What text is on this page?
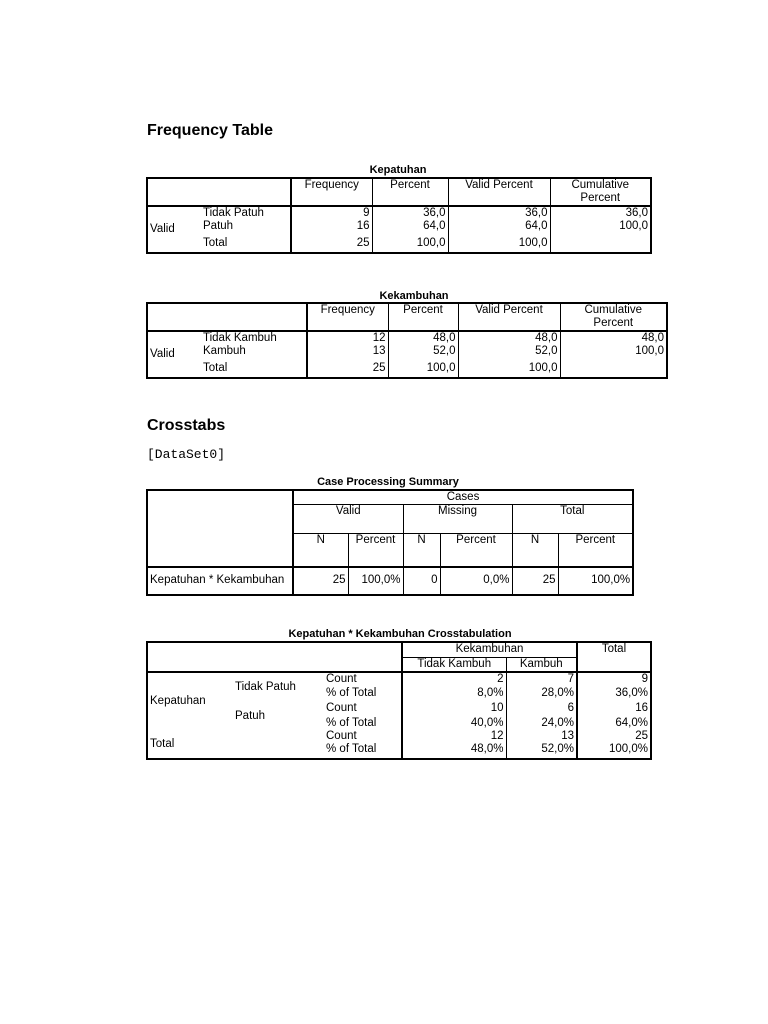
Frequency Table
Kepatuhan
		Frequency	Percent	Valid Percent	Cumulative
Percent
Valid	Tidak Patuh	9	36,0	36,0	36,0
	Patuh	16	64,0	64,0	100,0
	Total	25	100,0	100,0	
Kekambuhan
		Frequency	Percent	Valid Percent	Cumulative
Percent
Valid	Tidak Kambuh	12	48,0	48,0	48,0
	Kambuh	13	52,0	52,0	100,0
	Total	25	100,0	100,0	
Crosstabs
[DataSet0]
Case Processing Summary
	Cases					
	Valid		Missing		Total	
	N	Percent	N	Percent	N	Percent
Kepatuhan * Kekambuhan	25	100,0%	0	0,0%	25	100,0%
Kepatuhan * Kekambuhan Crosstabulation
			Kekambuhan		Total
			Tidak Kambuh	Kambuh	
Kepatuhan	Tidak Patuh	Count	2	7	9
		% of Total	8,0%	28,0%	36,0%
	Patuh	Count	10	6	16
		% of Total	40,0%	24,0%	64,0%
Total		Count	12	13	25
		% of Total	48,0%	52,0%	100,0%
